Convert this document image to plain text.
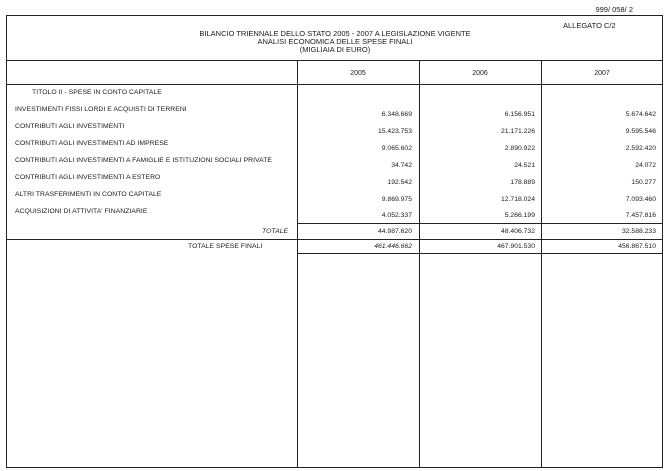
999/ 058/ 2
ALLEGATO C/2
BILANCIO TRIENNALE DELLO STATO 2005 - 2007 A LEGISLAZIONE VIGENTE
ANALISI ECONOMICA DELLE SPESE FINALI
(MIGLIAIA DI EURO)
2005	2006	2007
TITOLO II - SPESE IN CONTO CAPITALE
INVESTIMENTI FISSI LORDI E ACQUISTI DI TERRENI
6.348.669	6.156.951	5.674.642
CONTRIBUTI AGLI INVESTIMENTI
15.423.753	21.171.226	9.595.546
CONTRIBUTI AGLI INVESTIMENTI AD IMPRESE
9.065.602	2.890.922	2.592.420
CONTRIBUTI AGLI INVESTIMENTI A FAMIGLIE E ISTITUZIONI SOCIALI PRIVATE
34.742	24.521	24.072
CONTRIBUTI AGLI INVESTIMENTI A ESTERO
192.542	178.889	150.277
ALTRI TRASFERIMENTI IN CONTO CAPITALE
9.869.975	12.718.024	7.093.460
ACQUISIZIONI DI ATTIVITA' FINANZIARIE
4.052.337	5.266.199	7.457.816
TOTALE	44.987.620	48.406.732	32.588.233
TOTALE SPESE FINALI	461.446.662	467.901.530	456.867.510
